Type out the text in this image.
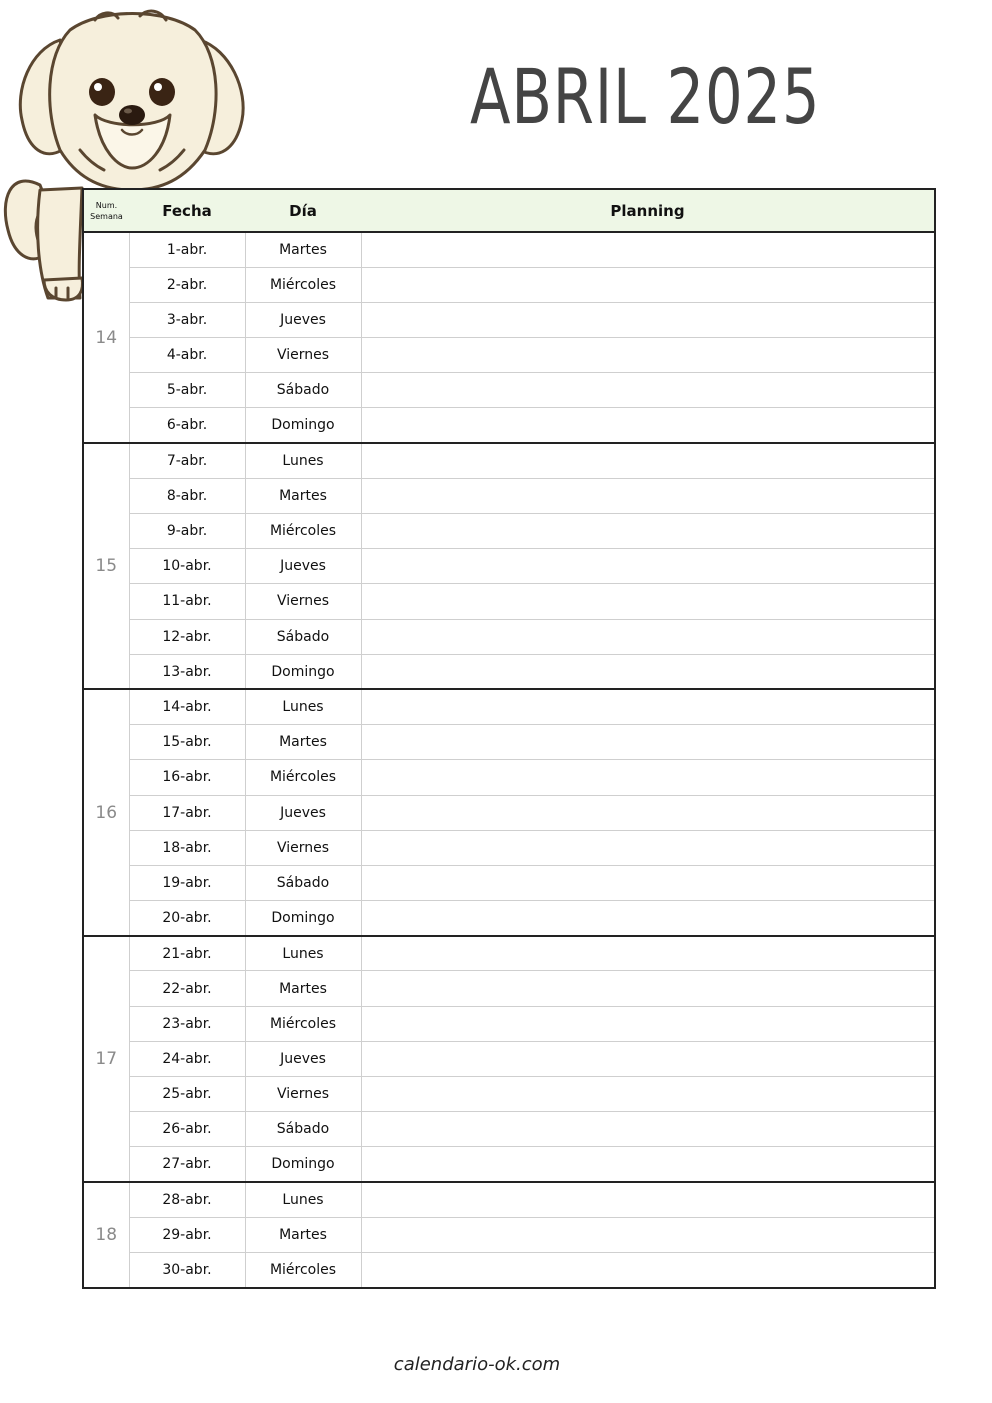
ABRIL 2025
Num.
Semana	Fecha	Día	Planning
14	1-abr.	Martes	
	2-abr.	Miércoles	
	3-abr.	Jueves	
	4-abr.	Viernes	
	5-abr.	Sábado	
	6-abr.	Domingo	
15	7-abr.	Lunes	
	8-abr.	Martes	
	9-abr.	Miércoles	
	10-abr.	Jueves	
	11-abr.	Viernes	
	12-abr.	Sábado	
	13-abr.	Domingo	
16	14-abr.	Lunes	
	15-abr.	Martes	
	16-abr.	Miércoles	
	17-abr.	Jueves	
	18-abr.	Viernes	
	19-abr.	Sábado	
	20-abr.	Domingo	
17	21-abr.	Lunes	
	22-abr.	Martes	
	23-abr.	Miércoles	
	24-abr.	Jueves	
	25-abr.	Viernes	
	26-abr.	Sábado	
	27-abr.	Domingo	
18	28-abr.	Lunes	
	29-abr.	Martes	
	30-abr.	Miércoles	
calendario-ok.com
